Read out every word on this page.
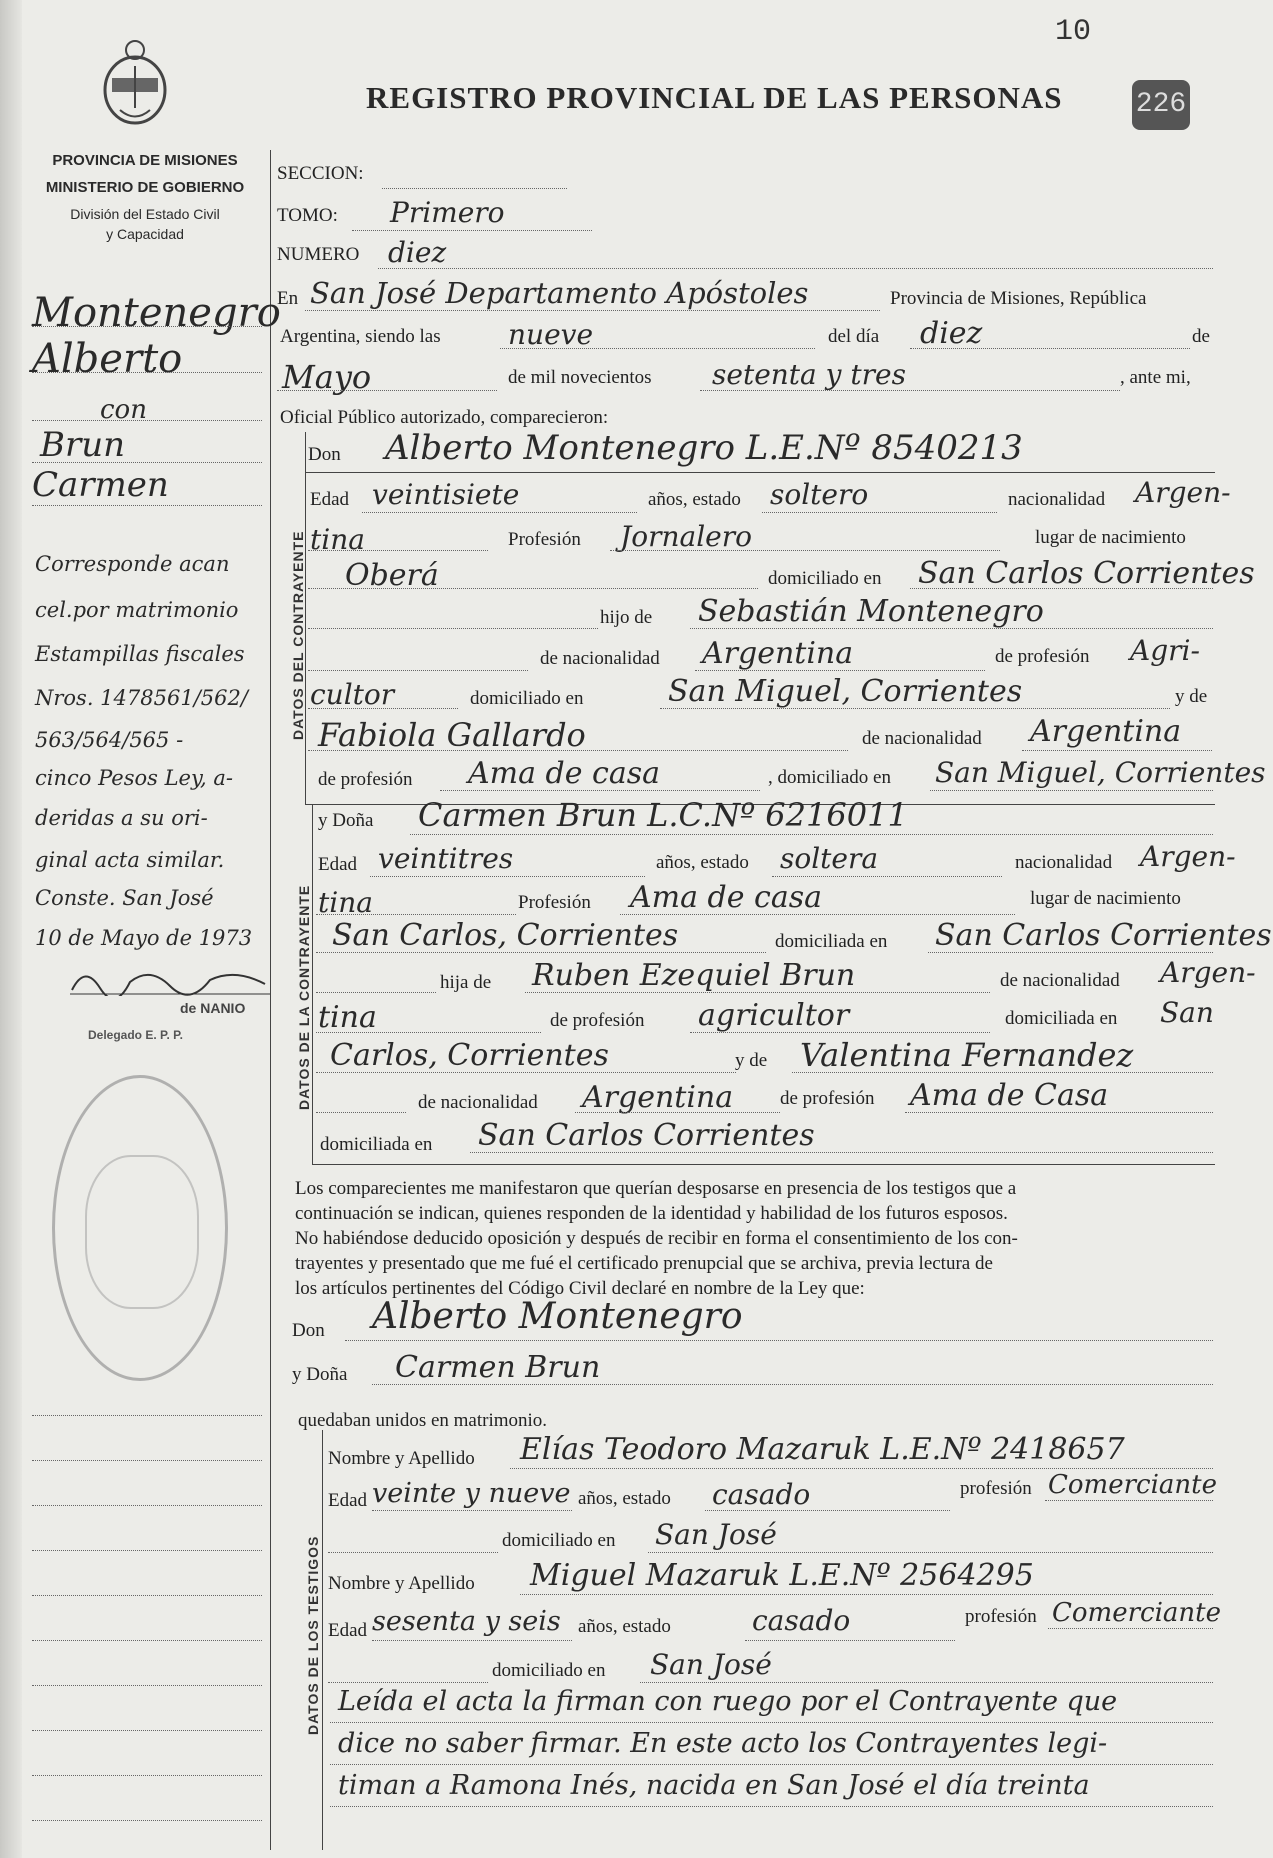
10
REGISTRO PROVINCIAL DE LAS PERSONAS	226
PROVINCIA DE MISIONES
MINISTERIO DE GOBIERNO
División del Estado Civil
y Capacidad
Montenegro
Alberto
con
Brun
Carmen
Corresponde acan
cel.por matrimonio
Estampillas fiscales
Nros. 1478561/562/
563/564/565 -
cinco Pesos Ley, a-
deridas a su ori-
ginal acta similar.
Conste. San José
10 de Mayo de 1973
de NANIO
Delegado E. P. P.
SECCION:
TOMO: Primero
NUMERO diez
En San José Departamento Apóstoles	Provincia de Misiones, República
Argentina, siendo las nueve	del día diez	de
Mayo	de mil novecientos setenta y tres	, ante mi,
Oficial Público autorizado, comparecieron:
DATOS DEL CONTRAYENTE
Don Alberto Montenegro L.E.Nº 8540213
Edad veintisiete	años, estado soltero	nacionalidad Argen-
tina	Profesión Jornalero	lugar de nacimiento
Oberá	domiciliado en San Carlos Corrientes
hijo de Sebastián Montenegro
de nacionalidad Argentina	de profesión Agri-
cultor	domiciliado en	San Miguel, Corrientes	y de
Fabiola Gallardo	de nacionalidad Argentina
de profesión Ama de casa	, domiciliado en San Miguel, Corrientes
DATOS DE LA CONTRAYENTE
y Doña Carmen Brun L.C.Nº 6216011
Edad veintitres	años, estado soltera	nacionalidad Argen-
tina	Profesión Ama de casa	lugar de nacimiento
San Carlos, Corrientes	domiciliada en San Carlos Corrientes
hija de Ruben Ezequiel Brun	de nacionalidad Argen-
tina	de profesión agricultor	domiciliada en San
Carlos, Corrientes	y de Valentina Fernandez
de nacionalidad Argentina de profesión Ama de Casa
domiciliada en San Carlos Corrientes
Los comparecientes me manifestaron que querían desposarse en presencia de los testigos que a
continuación se indican, quienes responden de la identidad y habilidad de los futuros esposos.
No habiéndose deducido oposición y después de recibir en forma el consentimiento de los con-
trayentes y presentado que me fué el certificado prenupcial que se archiva, previa lectura de
los artículos pertinentes del Código Civil declaré en nombre de la Ley que:
Don Alberto Montenegro
y Doña Carmen Brun
quedaban unidos en matrimonio.
DATOS DE LOS TESTIGOS
Nombre y Apellido Elías Teodoro Mazaruk L.E.Nº 2418657
Edad veinte y nueve años, estado casado	profesión Comerciante
domiciliado en San José
Nombre y Apellido Miguel Mazaruk L.E.Nº 2564295
Edad sesenta y seis años, estado	casado	profesión Comerciante
domiciliado en San José
Leída el acta la firman con ruego por el Contrayente que
dice no saber firmar. En este acto los Contrayentes legi-
timan a Ramona Inés, nacida en San José el día treinta
